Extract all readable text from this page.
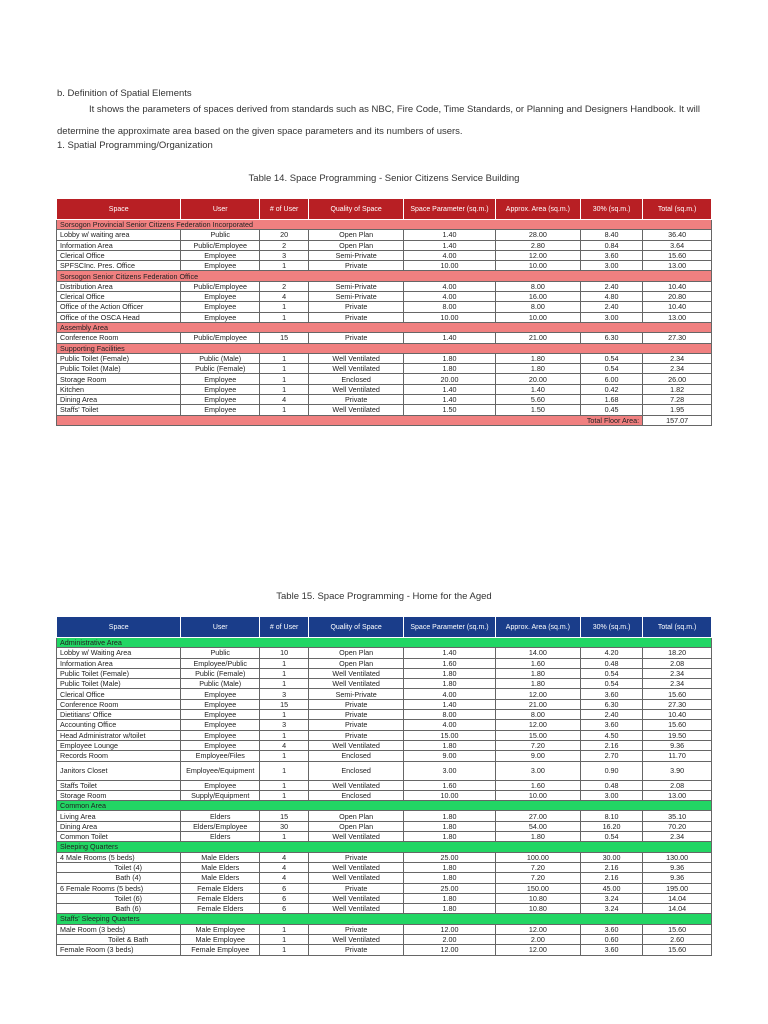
b. Definition of Spatial Elements
It shows the parameters of spaces derived from standards such as NBC, Fire Code, Time Standards, or Planning and Designers Handbook. It will determine the approximate area based on the given space parameters and its numbers of users.
1. Spatial Programming/Organization
Table 14. Space Programming - Senior Citizens Service Building
Space	User	# of User	Quality of Space	Space Parameter (sq.m.)	Approx. Area (sq.m.)	30% (sq.m.)	Total (sq.m.)
Sorsogon Provincial Senior Citizens Federation Incorporated							
Lobby w/ waiting area	Public	20	Open Plan	1.40	28.00	8.40	36.40
Information Area	Public/Employee	2	Open Plan	1.40	2.80	0.84	3.64
Clerical Office	Employee	3	Semi-Private	4.00	12.00	3.60	15.60
SPFSCInc. Pres. Office	Employee	1	Private	10.00	10.00	3.00	13.00
Sorsogon Senior Citizens Federation Office							
Distribution Area	Public/Employee	2	Semi-Private	4.00	8.00	2.40	10.40
Clerical Office	Employee	4	Semi-Private	4.00	16.00	4.80	20.80
Office of the Action Officer	Employee	1	Private	8.00	8.00	2.40	10.40
Office of the OSCA Head	Employee	1	Private	10.00	10.00	3.00	13.00
Assembly Area							
Conference Room	Public/Employee	15	Private	1.40	21.00	6.30	27.30
Supporting Facilities							
Public Toilet (Female)	Public (Male)	1	Well Ventilated	1.80	1.80	0.54	2.34
Public Toilet (Male)	Public (Female)	1	Well Ventilated	1.80	1.80	0.54	2.34
Storage Room	Employee	1	Enclosed	20.00	20.00	6.00	26.00
Kitchen	Employee	1	Well Ventilated	1.40	1.40	0.42	1.82
Dining Area	Employee	4	Private	1.40	5.60	1.68	7.28
Staffs' Toilet	Employee	1	Well Ventilated	1.50	1.50	0.45	1.95
Total Floor Area:							157.07
Table 15. Space Programming - Home for the Aged
Space	User	# of User	Quality of Space	Space Parameter (sq.m.)	Approx. Area (sq.m.)	30% (sq.m.)	Total (sq.m.)
Administrative Area							
Lobby w/ Waiting Area	Public	10	Open Plan	1.40	14.00	4.20	18.20
Information Area	Employee/Public	1	Open Plan	1.60	1.60	0.48	2.08
Public Toilet (Female)	Public (Female)	1	Well Ventilated	1.80	1.80	0.54	2.34
Public Toilet (Male)	Public (Male)	1	Well Ventilated	1.80	1.80	0.54	2.34
Clerical Office	Employee	3	Semi-Private	4.00	12.00	3.60	15.60
Conference Room	Employee	15	Private	1.40	21.00	6.30	27.30
Dietitians' Office	Employee	1	Private	8.00	8.00	2.40	10.40
Accounting Office	Employee	3	Private	4.00	12.00	3.60	15.60
Head Administrator w/toilet	Employee	1	Private	15.00	15.00	4.50	19.50
Employee Lounge	Employee	4	Well Ventilated	1.80	7.20	2.16	9.36
Records Room	Employee/Files	1	Enclosed	9.00	9.00	2.70	11.70
Janitors Closet	Employee/Equipment	1	Enclosed	3.00	3.00	0.90	3.90
Staffs Toilet	Employee	1	Well Ventilated	1.60	1.60	0.48	2.08
Storage Room	Supply/Equipment	1	Enclosed	10.00	10.00	3.00	13.00
Common Area							
Living Area	Elders	15	Open Plan	1.80	27.00	8.10	35.10
Dining Area	Elders/Employee	30	Open Plan	1.80	54.00	16.20	70.20
Common Toilet	Elders	1	Well Ventilated	1.80	1.80	0.54	2.34
Sleeping Quarters							
4 Male Rooms (5 beds)	Male Elders	4	Private	25.00	100.00	30.00	130.00
Toilet (4)	Male Elders	4	Well Ventilated	1.80	7.20	2.16	9.36
Bath (4)	Male Elders	4	Well Ventilated	1.80	7.20	2.16	9.36
6 Female Rooms (5 beds)	Female Elders	6	Private	25.00	150.00	45.00	195.00
Toilet (6)	Female Elders	6	Well Ventilated	1.80	10.80	3.24	14.04
Bath (6)	Female Elders	6	Well Ventilated	1.80	10.80	3.24	14.04
Staffs' Sleeping Quarters							
Male Room (3 beds)	Male Employee	1	Private	12.00	12.00	3.60	15.60
Toilet & Bath	Male Employee	1	Well Ventilated	2.00	2.00	0.60	2.60
Female Room (3 beds)	Female Employee	1	Private	12.00	12.00	3.60	15.60
